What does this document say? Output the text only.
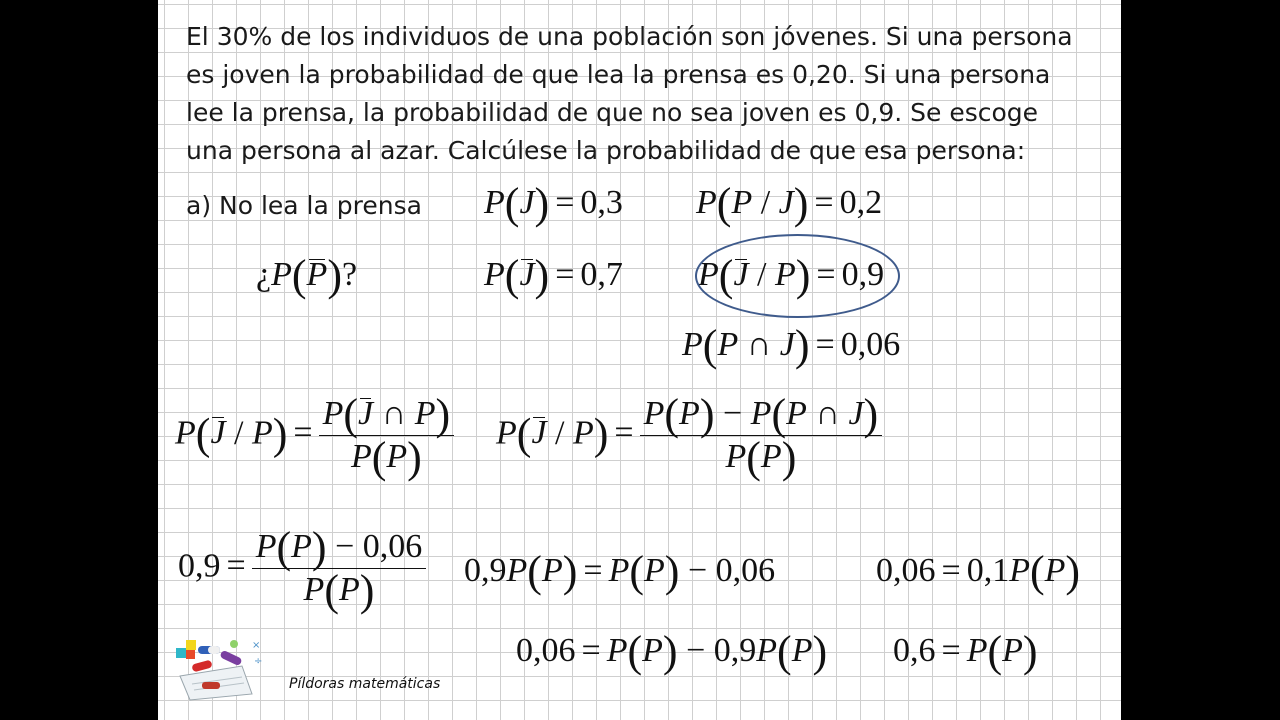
El 30% de los individuos de una población son jóvenes. Si una persona
es joven la probabilidad de que lea la prensa es 0,20. Si una persona
lee la prensa, la probabilidad de que no sea joven es 0,9. Se escoge
una persona al azar. Calcúlese la probabilidad de que esa persona:

a) No lea la prensa P(J) = 0,3 P(P / J) = 0,2
¿P(P)?	P(J) = 0,7 P(J / P) = 0,9
P(P ∩ J) = 0,06
$P(J / P) = \frac{P(J \cap P)}{P(P)} P(J / P) = \frac{P(P) - P(P \cap J)}{P(P)}$
$0,9 = \frac{P(P) - 0,06}{P(P)} 0,9P(P) = P(P) - 0,06$	0,06 = 0,1P(P)
0,06 = P(P) − 0,9P(P) 0,6 = P(P)
×
÷
Píldoras matemáticas
